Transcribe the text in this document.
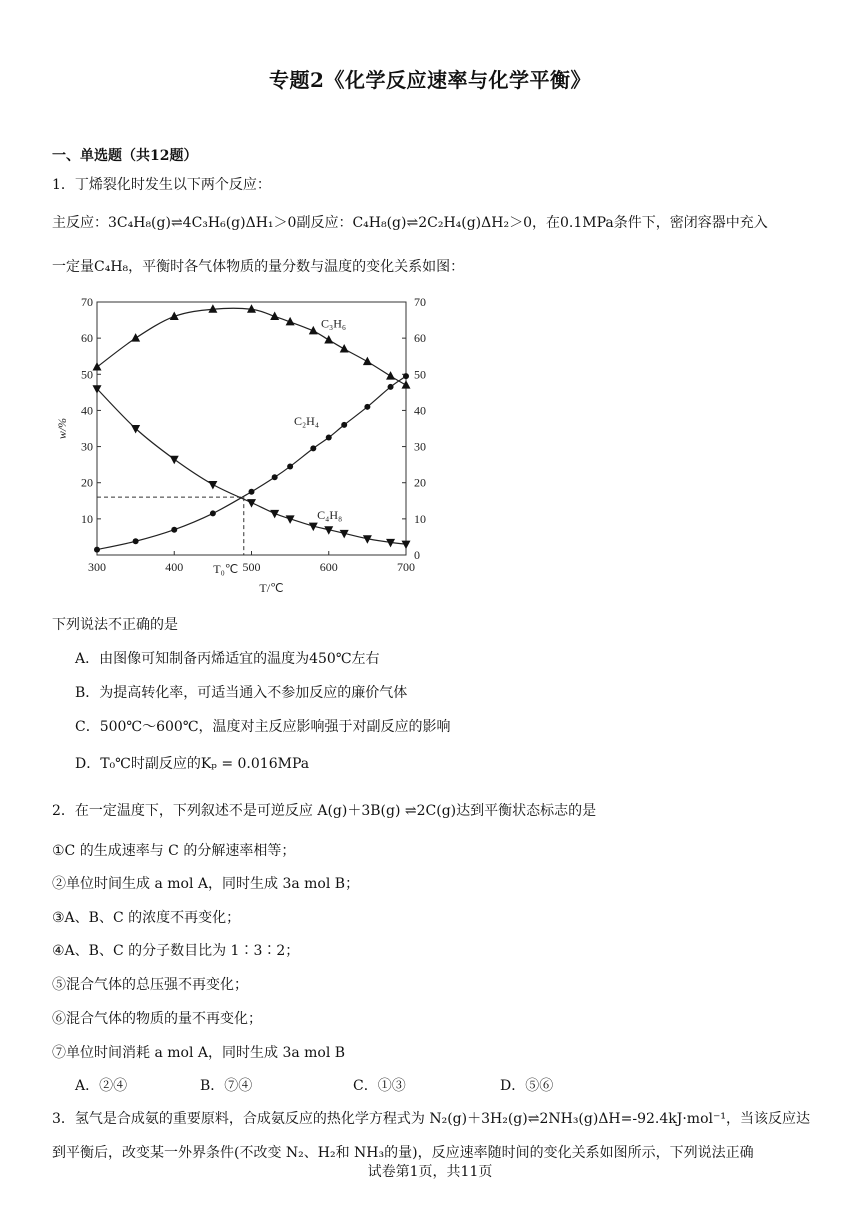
专题2《化学反应速率与化学平衡》
一、单选题（共12题）
1．丁烯裂化时发生以下两个反应：
主反应：3C₄H₈(g)⇌4C₃H₆(g)ΔH₁＞0副反应：C₄H₈(g)⇌2C₂H₄(g)ΔH₂＞0，在0.1MPa条件下，密闭容器中充入
一定量C₄H₈，平衡时各气体物质的量分数与温度的变化关系如图：
300	400	500	600	700
0
10
20
30
40
50
60
70
10
20
30
40
50
60
70
T/℃
w/%
T₀℃
C₃H₆
C₂H₄
C₄H₈
下列说法不正确的是
A．由图像可知制备丙烯适宜的温度为450℃左右
B．为提高转化率，可适当通入不参加反应的廉价气体
C．500℃～600℃，温度对主反应影响强于对副反应的影响
D．T₀℃时副反应的Kₚ = 0.016MPa
2．在一定温度下，下列叙述不是可逆反应 A(g)＋3B(g) ⇌2C(g)达到平衡状态标志的是
①C 的生成速率与 C 的分解速率相等；
②单位时间生成 a mol A，同时生成 3a mol B；
③A、B、C 的浓度不再变化；
④A、B、C 的分子数目比为 1∶3∶2；
⑤混合气体的总压强不再变化；
⑥混合气体的物质的量不再变化；
⑦单位时间消耗 a mol A，同时生成 3a mol B
A．②④	B．⑦④	C．①③	D．⑤⑥
3．氢气是合成氨的重要原料，合成氨反应的热化学方程式为 N₂(g)＋3H₂(g)⇌2NH₃(g)ΔH=-92.4kJ·mol⁻¹，当该反应达
到平衡后，改变某一外界条件(不改变 N₂、H₂和 NH₃的量)，反应速率随时间的变化关系如图所示，下列说法正确
试卷第1页，共11页
